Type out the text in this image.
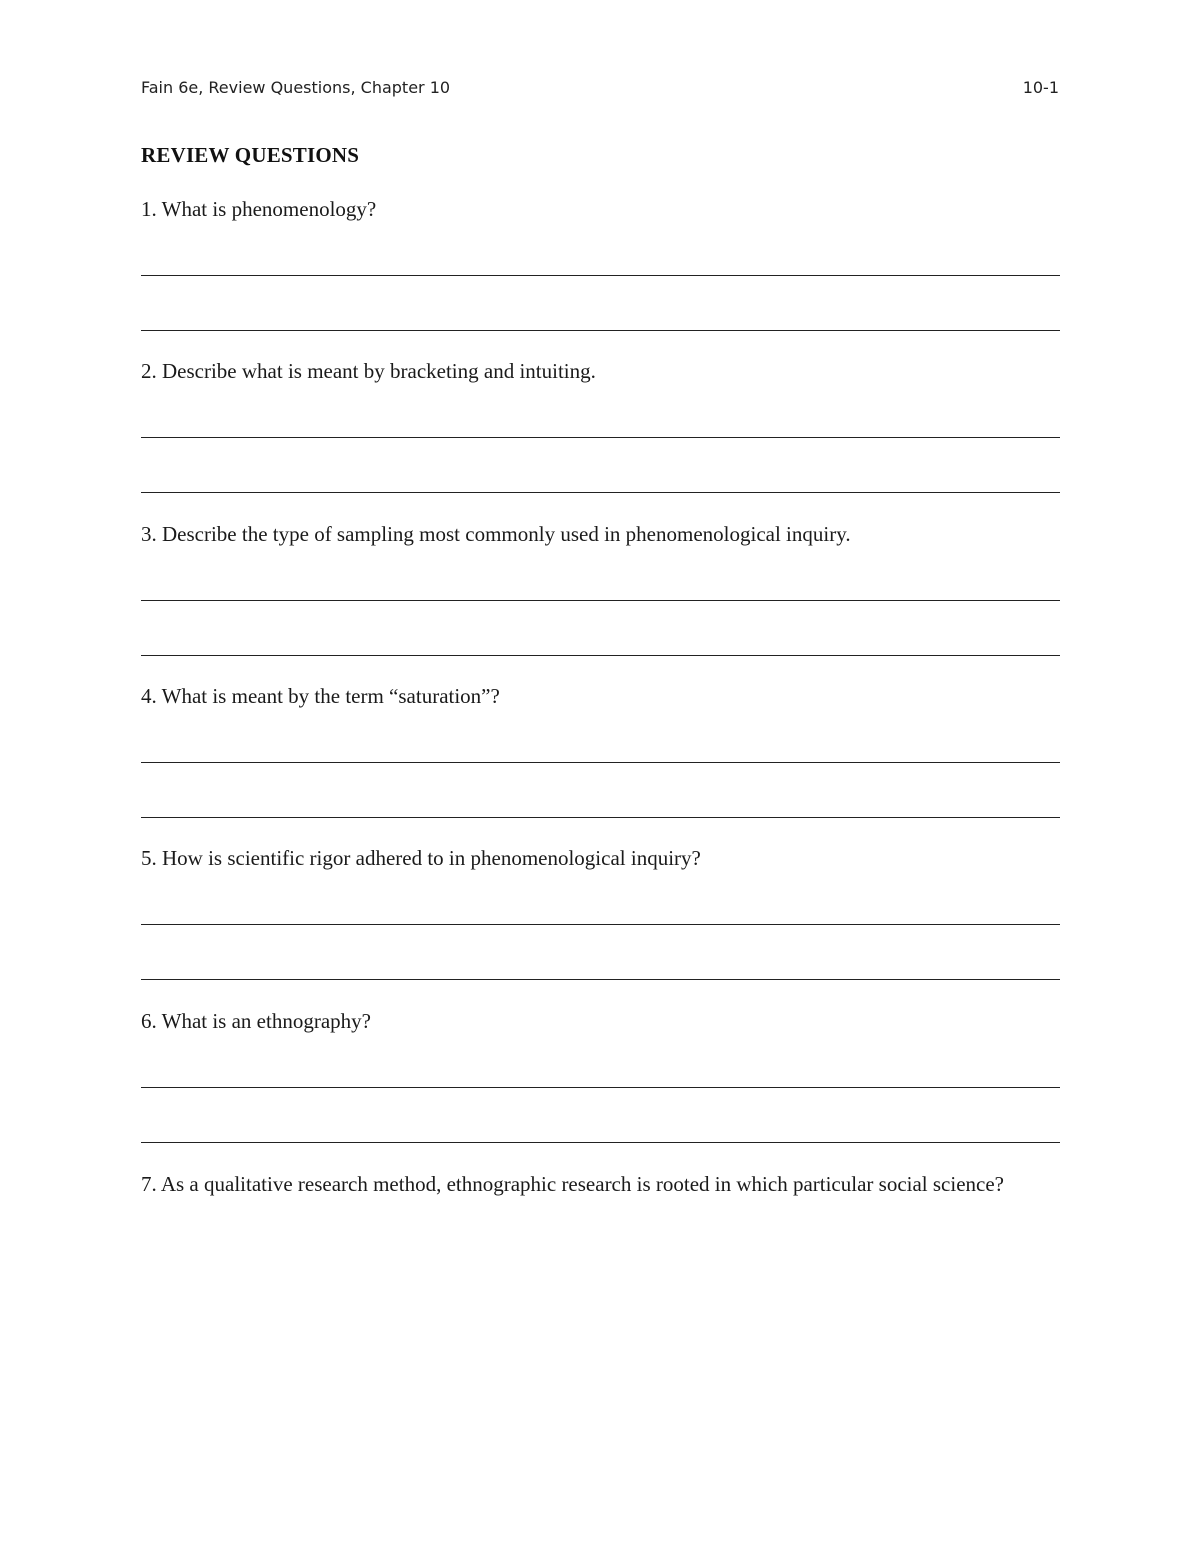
Fain 6e, Review Questions, Chapter 10	10-1
REVIEW QUESTIONS

1. What is phenomenology?

2. Describe what is meant by bracketing and intuiting.

3. Describe the type of sampling most commonly used in phenomenological inquiry.

4. What is meant by the term “saturation”?

5. How is scientific rigor adhered to in phenomenological inquiry?

6. What is an ethnography?

7. As a qualitative research method, ethnographic research is rooted in which particular social science?
